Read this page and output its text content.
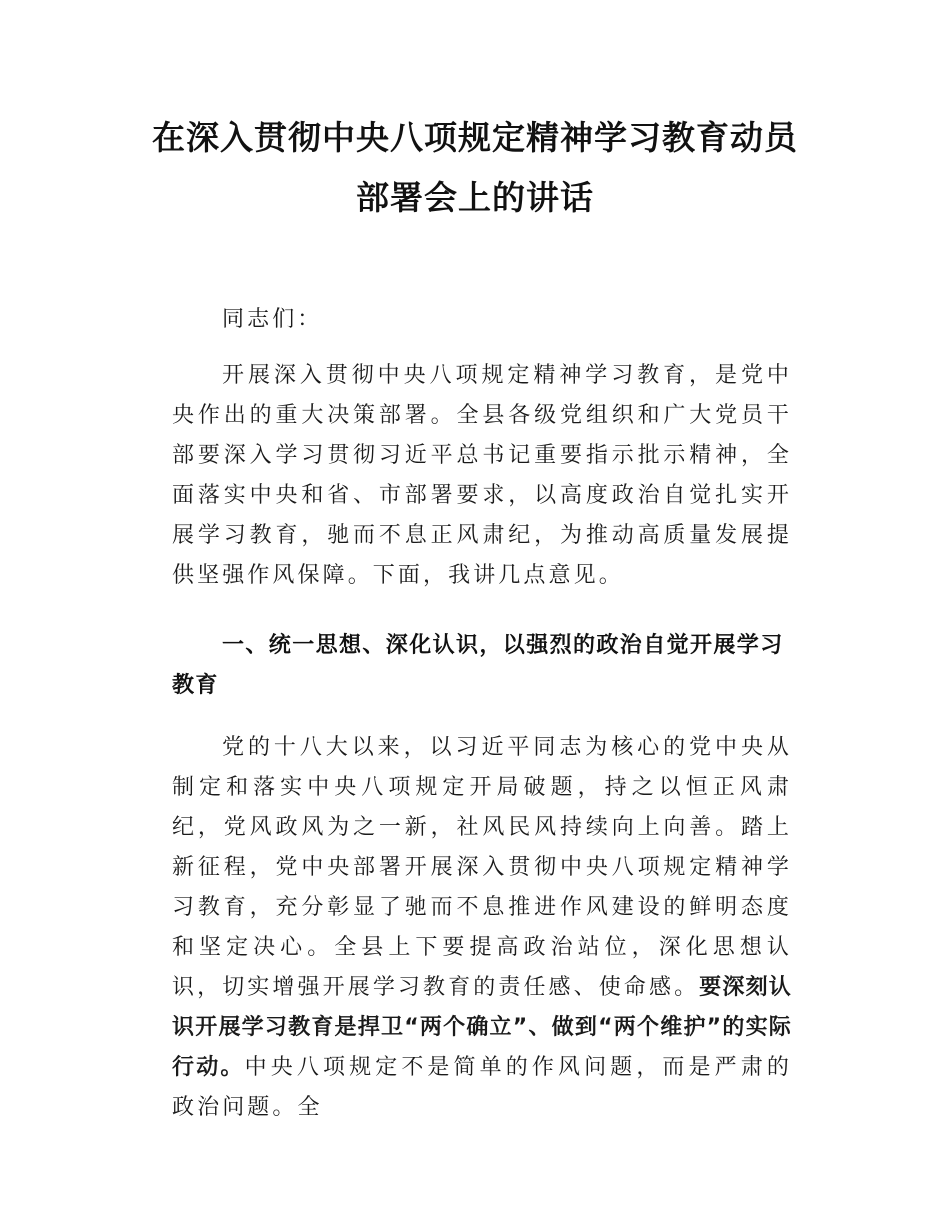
在深入贯彻中央八项规定精神学习教育动员
部署会上的讲话

同志们：

开展深入贯彻中央八项规定精神学习教育，是党中央作出的重大决策部署。全县各级党组织和广大党员干部要深入学习贯彻习近平总书记重要指示批示精神，全面落实中央和省、市部署要求，以高度政治自觉扎实开展学习教育，驰而不息正风肃纪，为推动高质量发展提供坚强作风保障。下面，我讲几点意见。

一、统一思想、深化认识，以强烈的政治自觉开展学习教育

党的十八大以来，以习近平同志为核心的党中央从制定和落实中央八项规定开局破题，持之以恒正风肃纪，党风政风为之一新，社风民风持续向上向善。踏上新征程，党中央部署开展深入贯彻中央八项规定精神学习教育，充分彰显了驰而不息推进作风建设的鲜明态度和坚定决心。全县上下要提高政治站位，深化思想认识，切实增强开展学习教育的责任感、使命感。要深刻认识开展学习教育是捍卫“两个确立”、做到“两个维护”的实际行动。中央八项规定不是简单的作风问题，而是严肃的政治问题。全
